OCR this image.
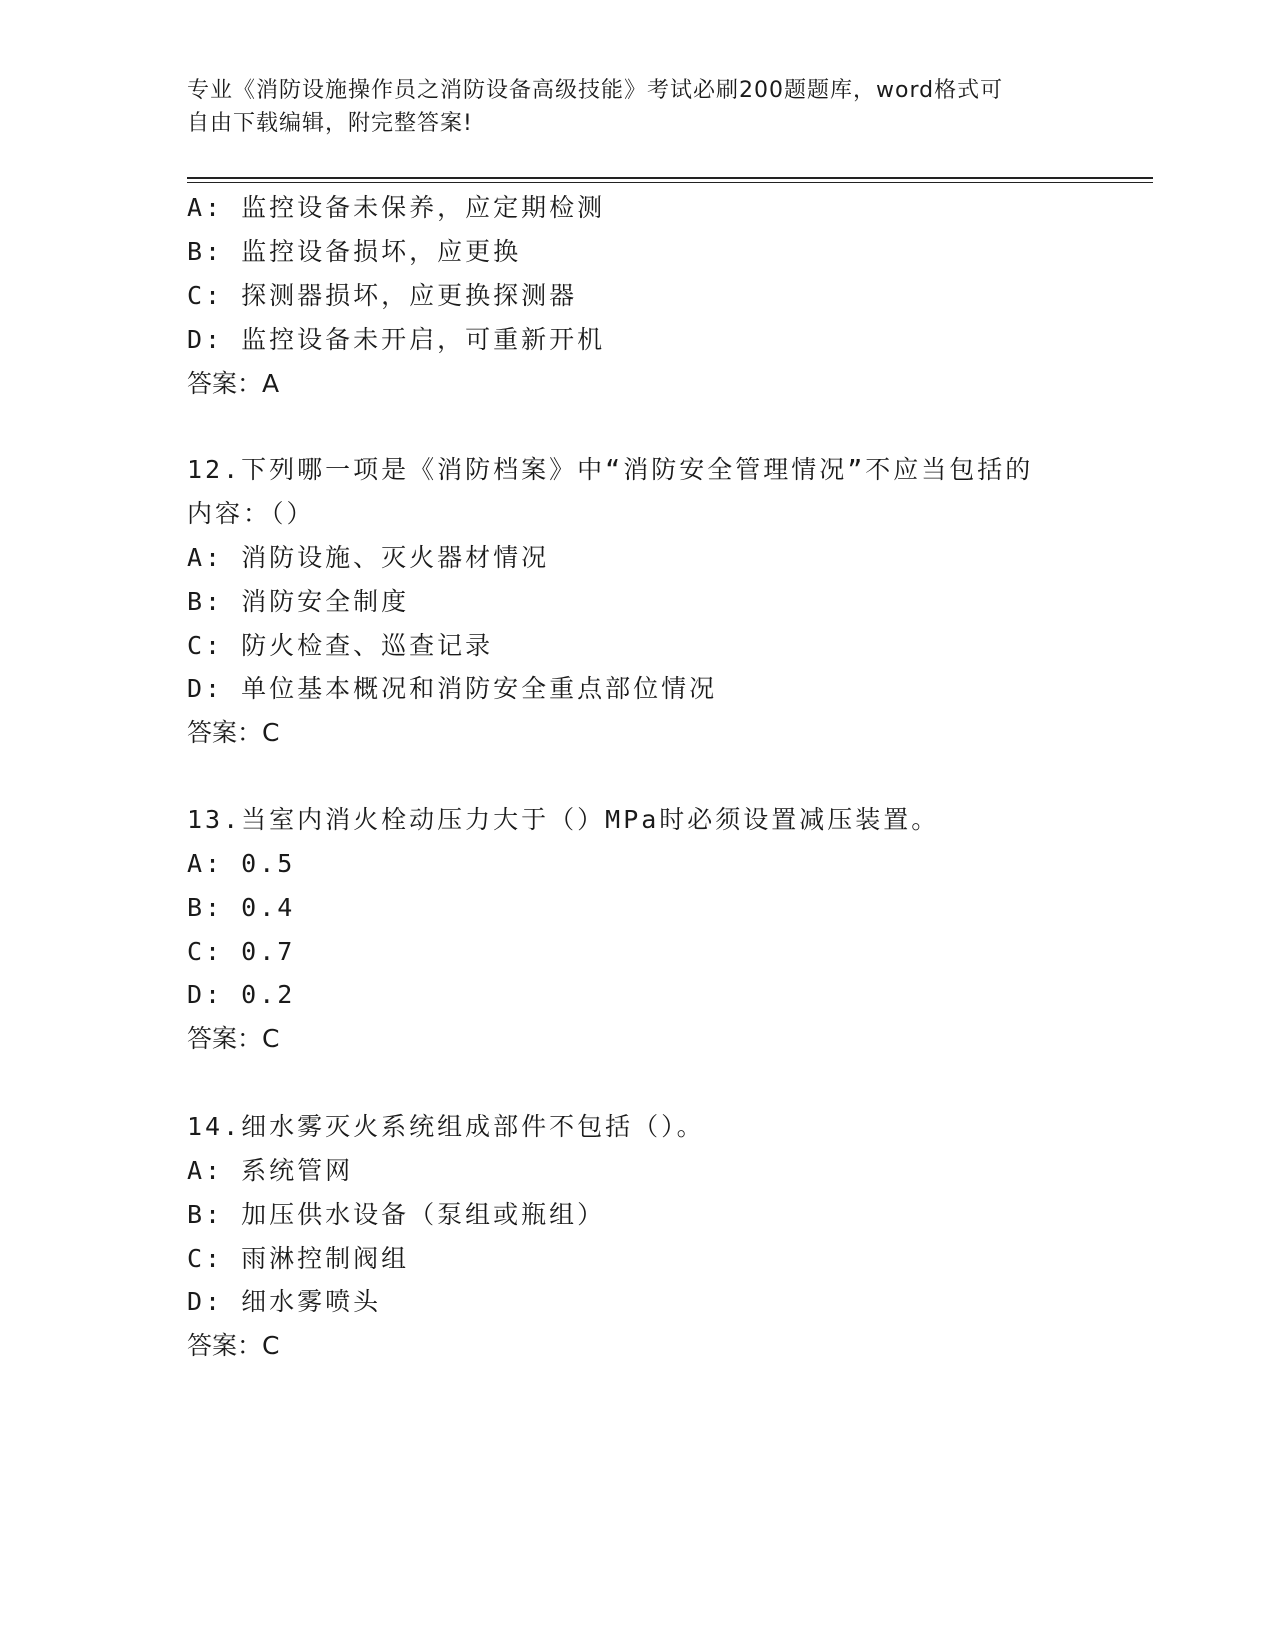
专业《消防设施操作员之消防设备高级技能》考试必刷200题题库，word格式可
自由下载编辑，附完整答案!
A: 监控设备未保养，应定期检测
B: 监控设备损坏，应更换
C: 探测器损坏，应更换探测器
D: 监控设备未开启，可重新开机
答案：A
12.下列哪一项是《消防档案》中“消防安全管理情况”不应当包括的
内容：（）
A: 消防设施、灭火器材情况
B: 消防安全制度
C: 防火检查、巡查记录
D: 单位基本概况和消防安全重点部位情况
答案：C
13.当室内消火栓动压力大于（）MPa时必须设置减压装置。
A: 0.5
B: 0.4
C: 0.7
D: 0.2
答案：C
14.细水雾灭火系统组成部件不包括（）。
A: 系统管网
B: 加压供水设备（泵组或瓶组）
C: 雨淋控制阀组
D: 细水雾喷头
答案：C
